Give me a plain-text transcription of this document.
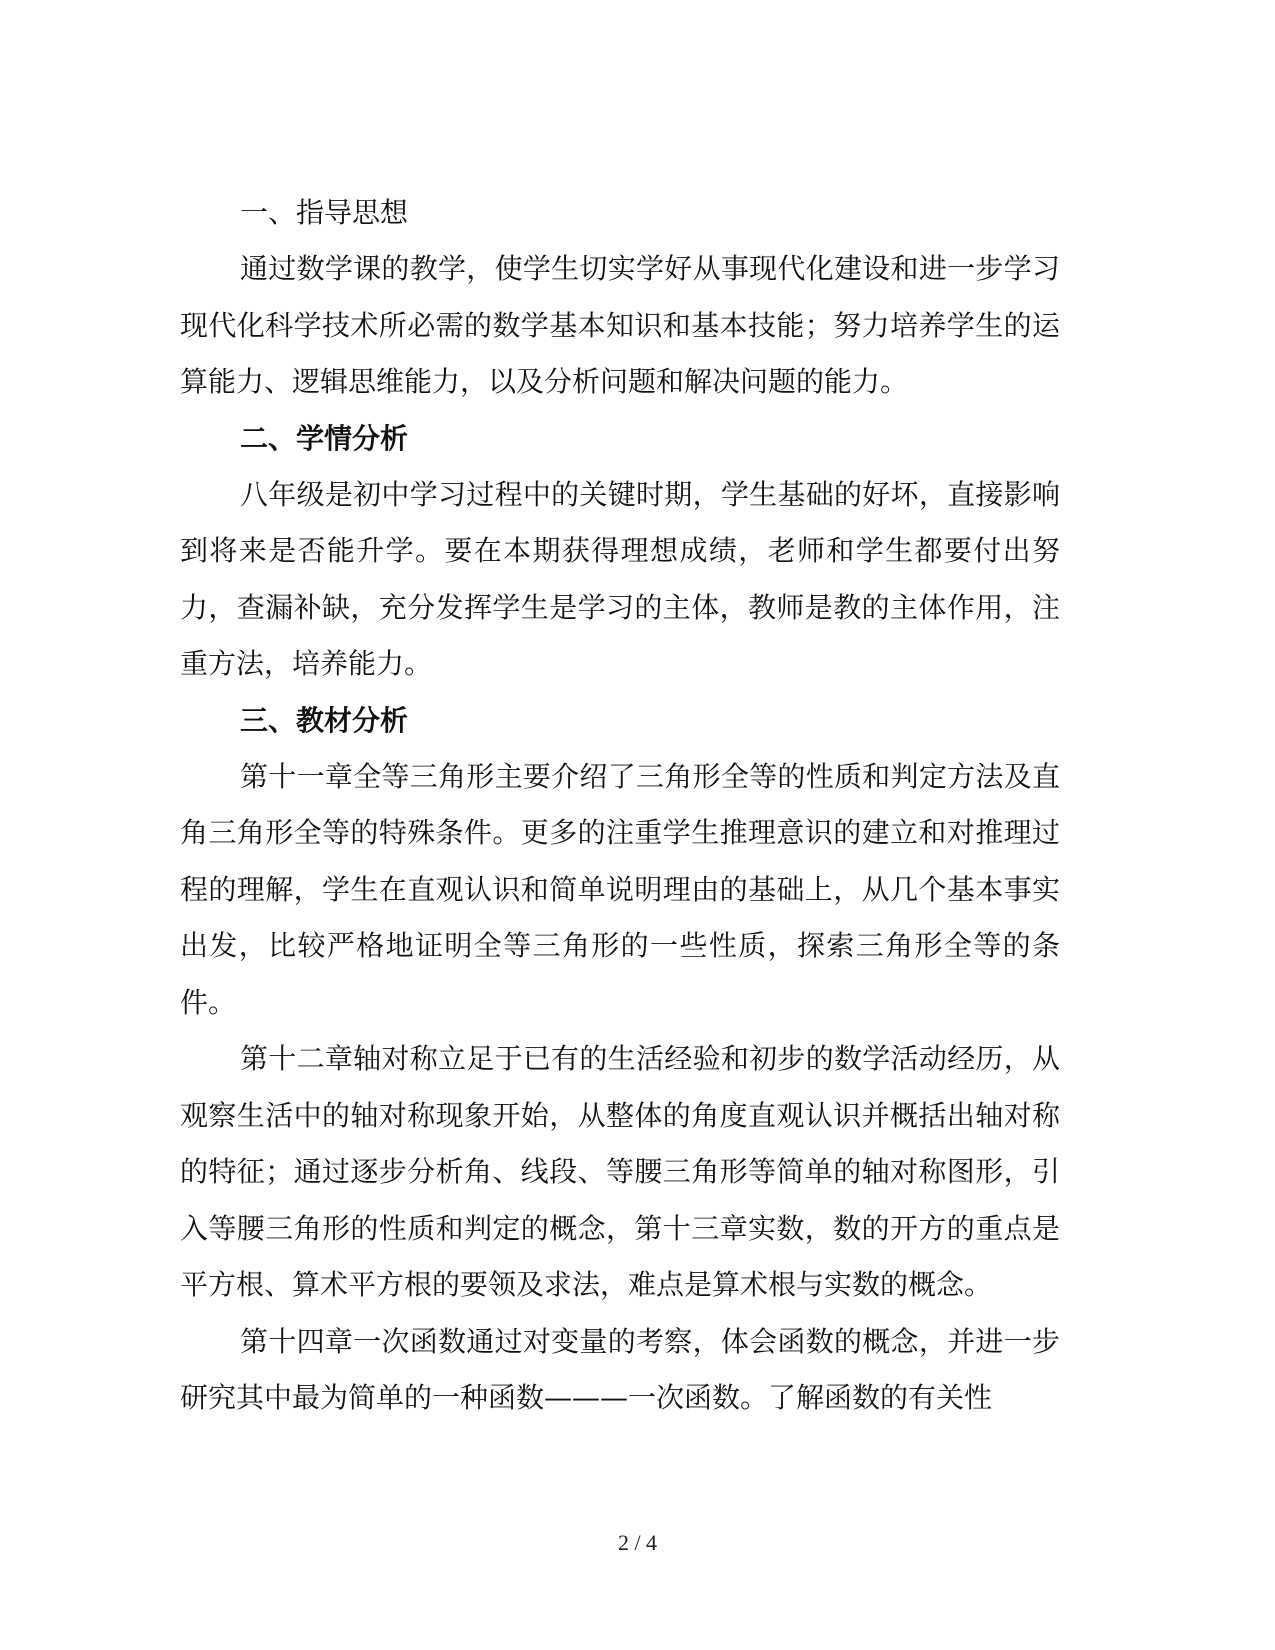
一、指导思想

通过数学课的教学，使学生切实学好从事现代化建设和进一步学习现代化科学技术所必需的数学基本知识和基本技能；努力培养学生的运算能力、逻辑思维能力，以及分析问题和解决问题的能力。

二、学情分析

八年级是初中学习过程中的关键时期，学生基础的好坏，直接影响到将来是否能升学。要在本期获得理想成绩，老师和学生都要付出努力，查漏补缺，充分发挥学生是学习的主体，教师是教的主体作用，注重方法，培养能力。

三、教材分析

第十一章全等三角形主要介绍了三角形全等的性质和判定方法及直角三角形全等的特殊条件。更多的注重学生推理意识的建立和对推理过程的理解，学生在直观认识和简单说明理由的基础上，从几个基本事实出发，比较严格地证明全等三角形的一些性质，探索三角形全等的条件。

第十二章轴对称立足于已有的生活经验和初步的数学活动经历，从观察生活中的轴对称现象开始，从整体的角度直观认识并概括出轴对称的特征；通过逐步分析角、线段、等腰三角形等简单的轴对称图形，引入等腰三角形的性质和判定的概念，第十三章实数，数的开方的重点是平方根、算术平方根的要领及求法，难点是算术根与实数的概念。

第十四章一次函数通过对变量的考察，体会函数的概念，并进一步研究其中最为简单的一种函数———一次函数。了解函数的有关性

2 / 4
